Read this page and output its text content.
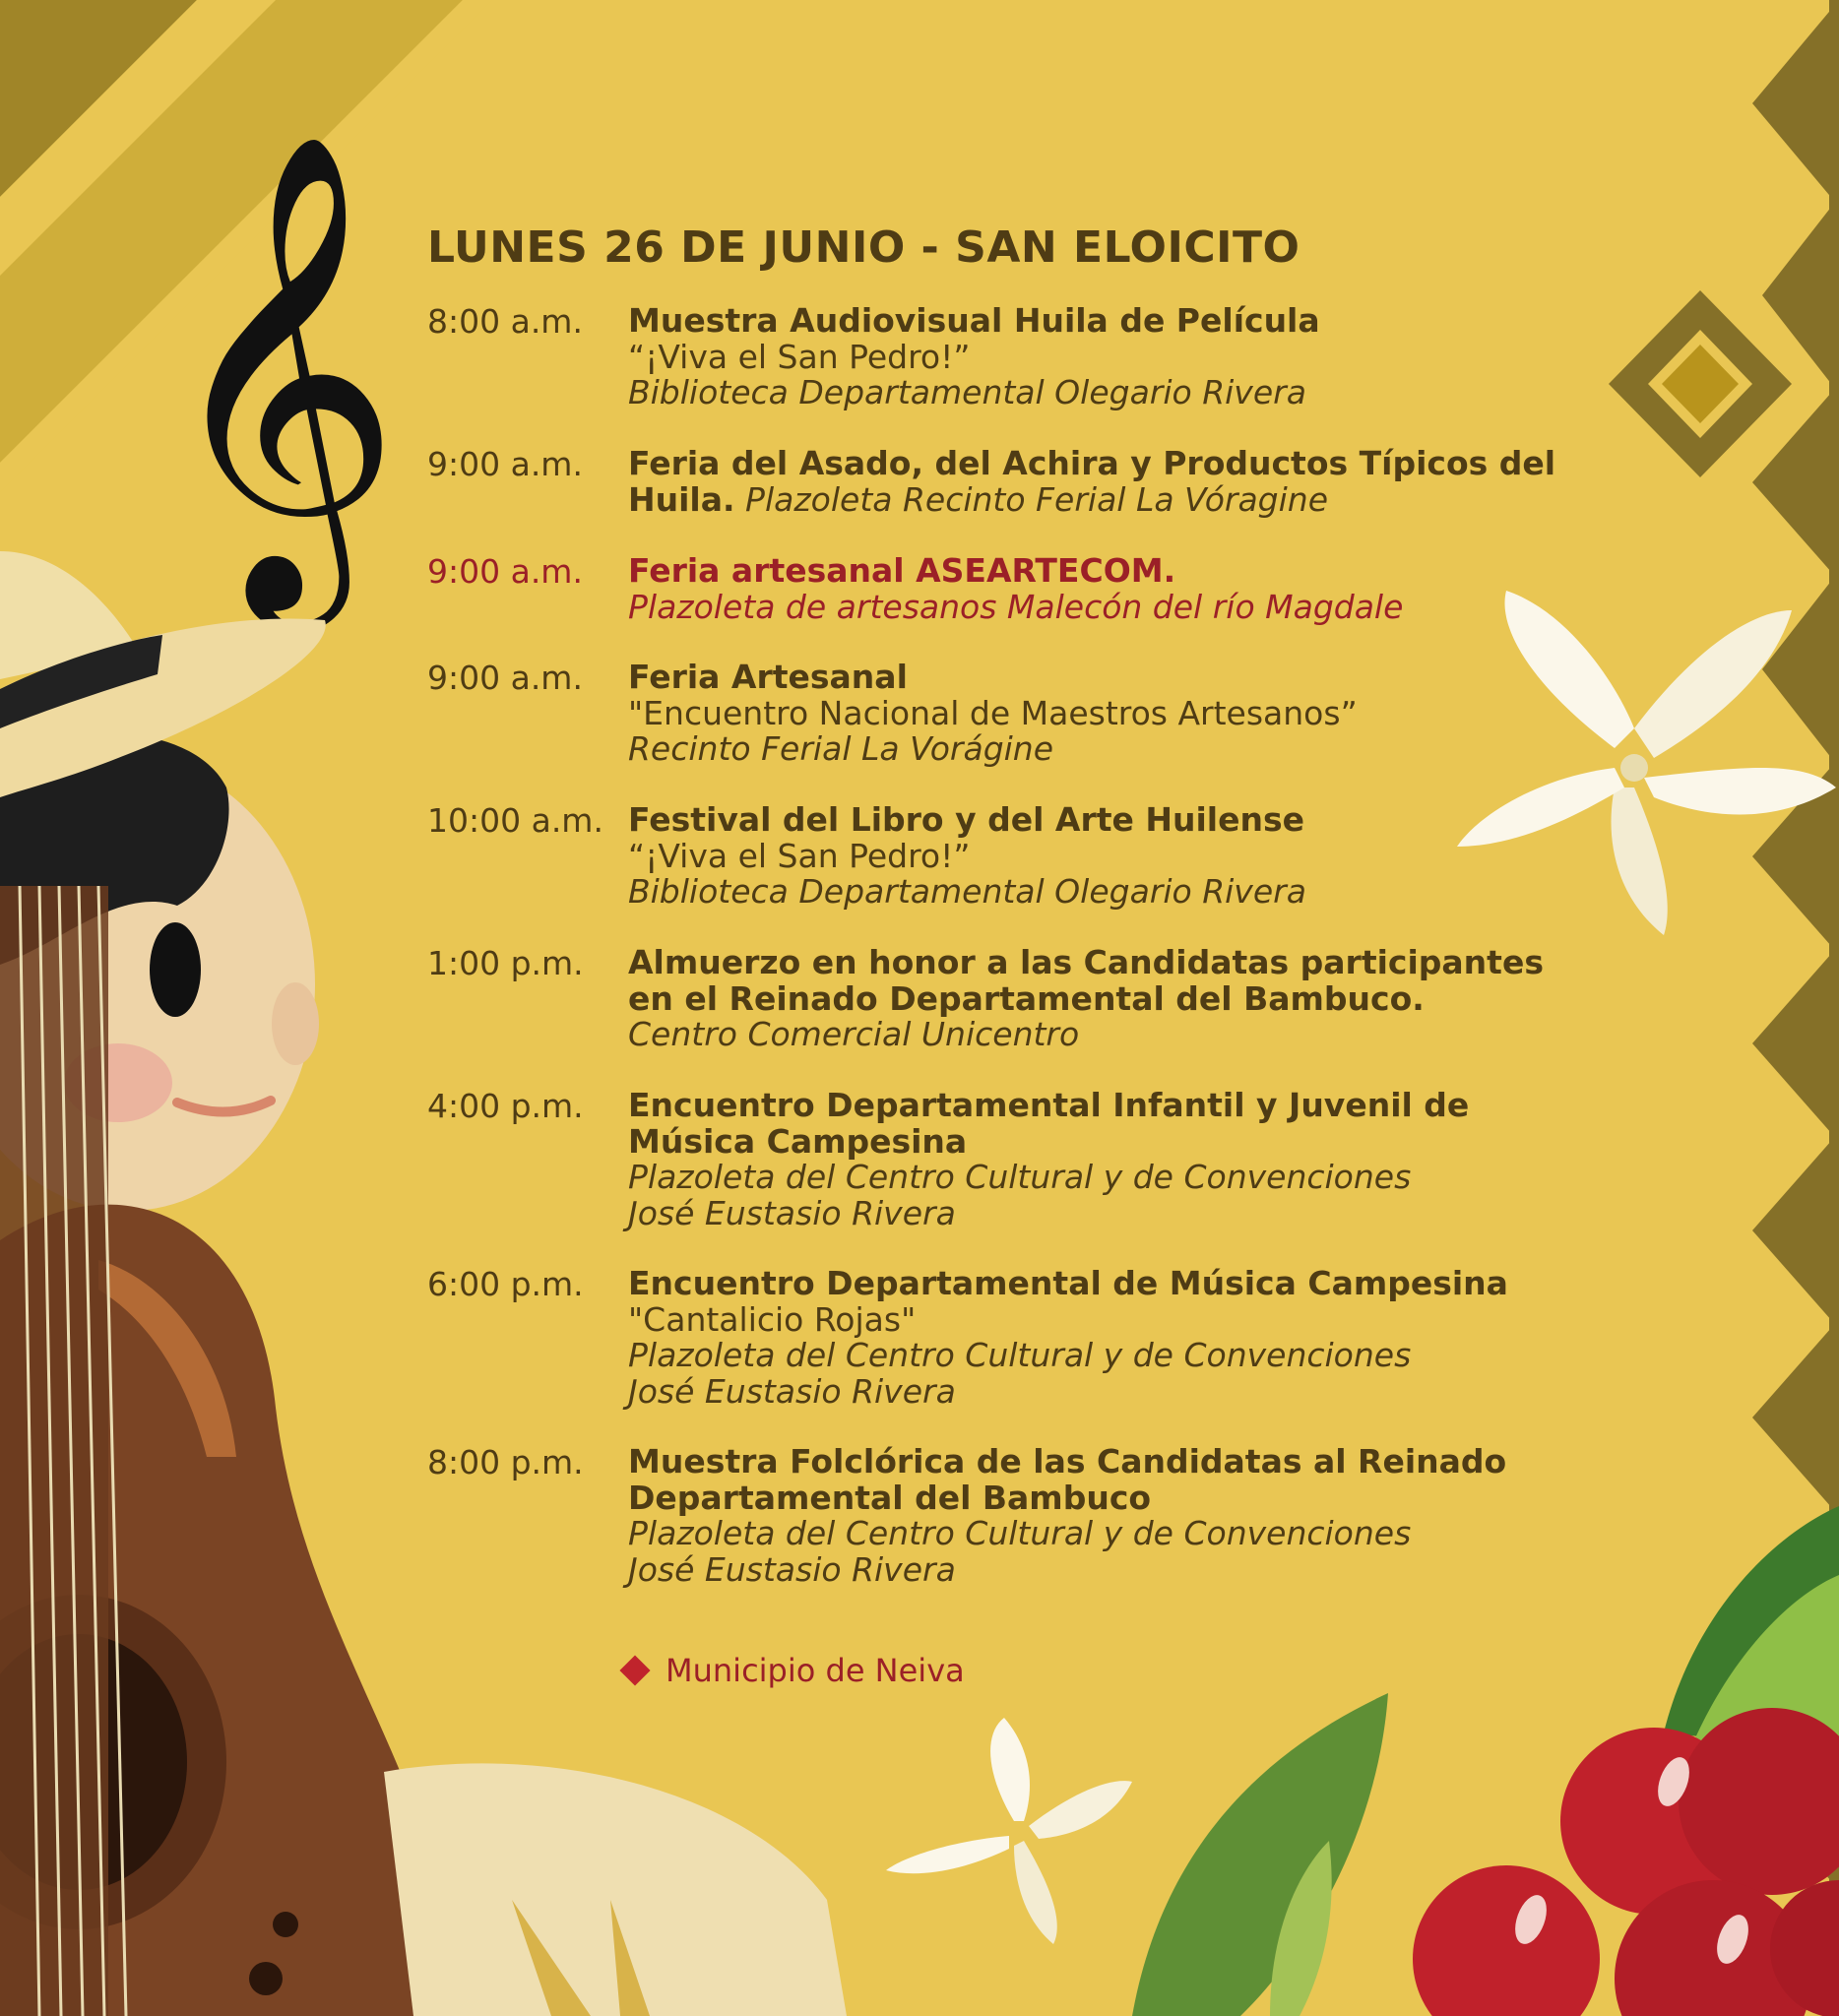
𝄞 LUNES 26 DE JUNIO - SAN ELOICITO
8:00 a.m.	Muestra Audiovisual Huila de Película
“¡Viva el San Pedro!”
Biblioteca Departamental Olegario Rivera
9:00 a.m.	Feria del Asado, del Achira y Productos Típicos del
Huila. Plazoleta Recinto Ferial La Vóragine
9:00 a.m.	Feria artesanal ASEARTECOM.
Plazoleta de artesanos Malecón del río Magdale
9:00 a.m.	Feria Artesanal
"Encuentro Nacional de Maestros Artesanos”
Recinto Ferial La Vorágine
10:00 a.m. Festival del Libro y del Arte Huilense
“¡Viva el San Pedro!”
Biblioteca Departamental Olegario Rivera
1:00 p.m.	Almuerzo en honor a las Candidatas participantes
en el Reinado Departamental del Bambuco.
Centro Comercial Unicentro
4:00 p.m.	Encuentro Departamental Infantil y Juvenil de
Música Campesina
Plazoleta del Centro Cultural y de Convenciones
José Eustasio Rivera
6:00 p.m.	Encuentro Departamental de Música Campesina
"Cantalicio Rojas"
Plazoleta del Centro Cultural y de Convenciones
José Eustasio Rivera
8:00 p.m.	Muestra Folclórica de las Candidatas al Reinado
Departamental del Bambuco
Plazoleta del Centro Cultural y de Convenciones
José Eustasio Rivera
Municipio de Neiva
